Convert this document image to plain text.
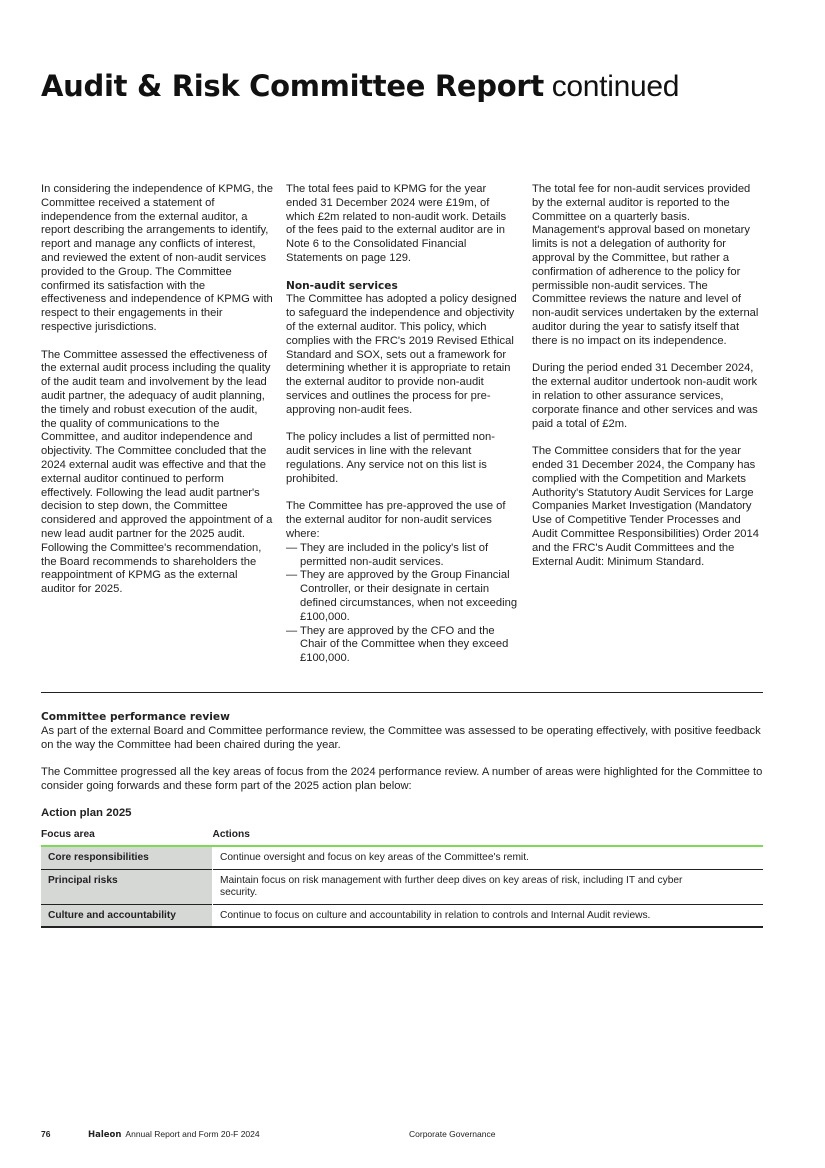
Audit & Risk Committee Report continued

In considering the independence of KPMG, the Committee received a statement of independence from the external auditor, a report describing the arrangements to identify, report and manage any conflicts of interest, and reviewed the extent of non-audit services provided to the Group. The Committee confirmed its satisfaction with the effectiveness and independence of KPMG with respect to their engagements in their respective jurisdictions.

The Committee assessed the effectiveness of the external audit process including the quality of the audit team and involvement by the lead audit partner, the adequacy of audit planning, the timely and robust execution of the audit, the quality of communications to the Committee, and auditor independence and objectivity. The Committee concluded that the 2024 external audit was effective and that the external auditor continued to perform effectively. Following the lead audit partner's decision to step down, the Committee considered and approved the appointment of a new lead audit partner for the 2025 audit. Following the Committee's recommendation, the Board recommends to shareholders the reappointment of KPMG as the external auditor for 2025.

The total fees paid to KPMG for the year ended 31 December 2024 were £19m, of which £2m related to non-audit work. Details of the fees paid to the external auditor are in Note 6 to the Consolidated Financial Statements on page 129.

Non-audit services

The Committee has adopted a policy designed to safeguard the independence and objectivity of the external auditor. This policy, which complies with the FRC's 2019 Revised Ethical Standard and SOX, sets out a framework for determining whether it is appropriate to retain the external auditor to provide non-audit services and outlines the process for pre-approving non-audit fees.

The policy includes a list of permitted non-audit services in line with the relevant regulations. Any service not on this list is prohibited.

The Committee has pre-approved the use of the external auditor for non-audit services where:

— They are included in the policy's list of permitted non-audit services.
— They are approved by the Group Financial Controller, or their designate in certain defined circumstances, when not exceeding £100,000.
— They are approved by the CFO and the Chair of the Committee when they exceed £100,000.

The total fee for non-audit services provided by the external auditor is reported to the Committee on a quarterly basis. Management's approval based on monetary limits is not a delegation of authority for approval by the Committee, but rather a confirmation of adherence to the policy for permissible non-audit services. The Committee reviews the nature and level of non-audit services undertaken by the external auditor during the year to satisfy itself that there is no impact on its independence.

During the period ended 31 December 2024, the external auditor undertook non-audit work in relation to other assurance services, corporate finance and other services and was paid a total of £2m.

The Committee considers that for the year ended 31 December 2024, the Company has complied with the Competition and Markets Authority's Statutory Audit Services for Large Companies Market Investigation (Mandatory Use of Competitive Tender Processes and Audit Committee Responsibilities) Order 2014 and the FRC's Audit Committees and the External Audit: Minimum Standard.

Committee performance review

As part of the external Board and Committee performance review, the Committee was assessed to be operating effectively, with positive feedback on the way the Committee had been chaired during the year.

The Committee progressed all the key areas of focus from the 2024 performance review. A number of areas were highlighted for the Committee to consider going forwards and these form part of the 2025 action plan below:

Action plan 2025
Focus area	Actions
Core responsibilities	Continue oversight and focus on key areas of the Committee's remit.
Principal risks	Maintain focus on risk management with further deep dives on key areas of risk, including IT and cyber security.
Culture and accountability	Continue to focus on culture and accountability in relation to controls and Internal Audit reviews.
76	Haleon Annual Report and Form 20-F 2024	Corporate Governance
